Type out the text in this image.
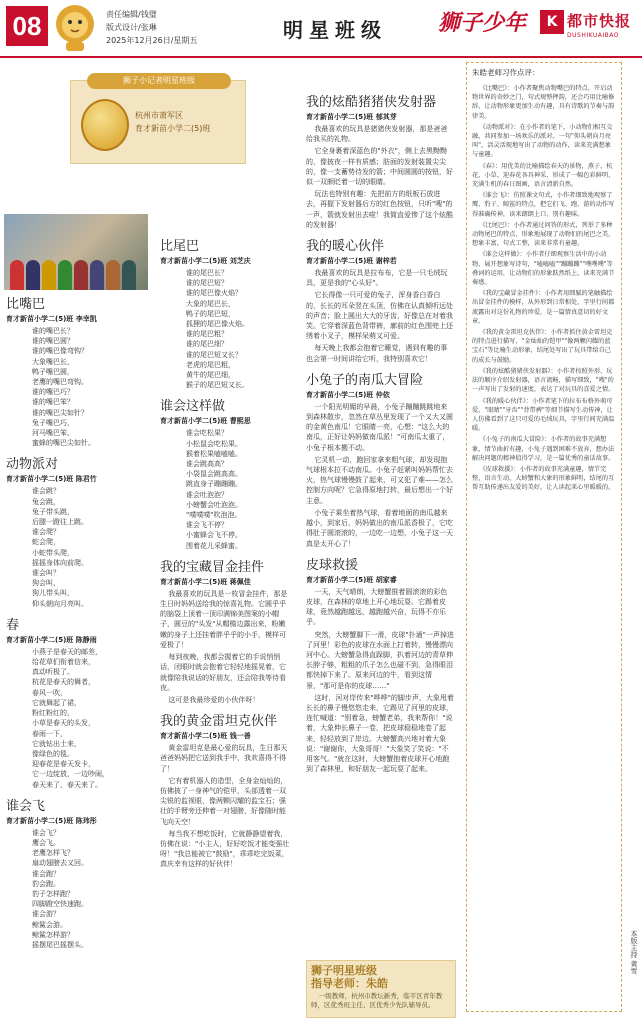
08	责任编辑/钱璧
版式设计/张琳
2025年12月26日/星期五	明星班级 狮子少年	K 都市快报
DUSHIKUAIBAO
狮子小记者明星班级
杭州市萧军区
育才新苗小学二(5)班
比嘴巴
育才新苗小学二(5)班 李幸凯
谁的嘴巴长？
谁的嘴巴圆？
谁的嘴巴像弯钩？
大象嘴巴长，
鸭子嘴巴圆，
老鹰的嘴巴弯钩。
谁的嘴巴巧？
谁的嘴巴笨？
谁的嘴巴尖如针？
兔子嘴巴巧，
河马嘴巴笨，
蜜蜂的嘴巴尖如针。
动物派对
育才新苗小学二(5)班 陈君竹
谁会跳？
兔会跳，
兔子带头跳，
后腿一蹬往上跳。
谁会爬？
蛇会爬，
小蛇带头爬，
摇摇身体向前爬。
谁会叫？
狗会叫，
狗儿带头叫，
仰头朝向月亮叫。
春
育才新苗小学二(5)班 陈静雨
小燕子是春天的邮差，
给花草们衔着信来，
真动听极了。
杭花是春天的舞者，
春风一吹，
它就舞起了裙，
粉红粉红的，
小草是春天的头发，
春雨一下，
它就钻出土来，
像绿色的毯。
迎春花是春天发卡，
它一边绽放，一边吵闹，
春天来了，春天来了。
谁会飞
育才新苗小学二(5)班 陈玮彤
谁会飞？
鹰会飞。
老鹰怎样飞？
扇动翅膀去又回。
谁会跑？
豹会跑。
豹子怎样跑？
四脚蹬空快速跑。
谁会游？
鲸鲨会游。
鲸鲨怎样游？
摇摆尾巴摇摆头。
比尾巴
育才新苗小学二(5)班 刘芝庆
谁的尾巴长？
谁的尾巴短？
谁的尾巴像火焰？
大象的尾巴长，
鸭子的尾巴短，
狐狸的尾巴像火焰。
谁的尾巴粗？
谁的尾巴细？
谁的尾巴短又长？
老虎的尾巴粗，
黄牛的尾巴细，
猴子的尾巴短又长。
谁会这样做
育才新苗小学二(5)班 曹熙思
谁会吃松果？
小松鼠会吃松果。
猴着松果嗑嗑嗑。
谁会跳高高？
小袋鼠会跳高高。
跳直身子蹦蹦蹦。
谁会吐泡泡？
小螃蟹会吐泡泡。
"噗噗噗"吹泡泡。
谁会飞不停？
小蜜蜂会飞不停。
围着花儿采蜂蜜。
我的宝藏冒金挂件
育才新苗小学二(5)班 蒋佩佳

我最喜欢的玩具是一枚冒金挂件，那是生日时妈妈送给我的惊喜礼物。它圆乎乎的脑袋上顶着一顶印满锦美图案的小帽子，圆豆的"头发"从帽檐边露出来，粉嫩嫩的身子上还挂着胖乎乎的小手，模样可爱极了！

每到夜晚，我都会握着它的手说悄悄话，闭眼时就会抱着它轻轻地摇晃着，它就像陪我说话的好朋友，还会陪我等待看夜。

这可是我最珍爱的小伙伴呀！

我的黄金雷坦克伙伴
育才新苗小学二(5)班 钱一善

黄金雷坦克是最心爱的玩具，生日那天爸爸妈妈把它送到我手中，我欢喜得不得了！

它有着机器人的造型，全身金灿灿的，仿佛披了一身神气的铠甲，头部透着一双尖锐的监视眼，像两颗闪耀的监宝石；强壮的手臂旁还伸着一对翅膀，好像随时能飞向天空！

每当我不想吃饭时，它就静静望着我，仿佛在说："小主人，好好吃饭才能变强壮呀！"我总能被它"鼓励"，乖乖吃完饭菜，真庆幸有这样的好伙伴！

我的炫酷猪猪侠发射器
育才新苗小学二(5)班 郁其芽

我最喜欢的玩具是猪猪侠发射器，那是爸爸给我买的礼物。

它全身裹着深蓝色的"外衣"，侧上去黑黝黝的，像披夜一样有质感；肪面的发射装置尖尖的，像一支蓄势待发的箭；中间圆圆的按钮，好似一双颇眨着一切的眼睛。

玩法也特别有趣：先把前方的纸板石放进去，再握下发射器后方的红色按钮，只听"嗖"的一声，箭就发射出去啦！我简直爱惨了这个炫酷的发射器！

我的暖心伙伴
育才新苗小学二(5)班 谢梓若

我最喜欢的玩具是拉布布，它是一只毛绒玩具，更是我的"心头好"。

它长得像一只可爱的兔子，浑身香白香白的，长长的耳朵竖在头顶，仿佛在认真倾听远处的声音；脸上圆出大大的牙齿，好像总在对着我笑。它穿着深蓝色背带裤，廓前的红色围兜上还绣着小叉子，模样呆萌又可爱。

每天晚上我都会抱着它睡觉，遇到有趣的事也会第一时间讲给它听，我特别喜欢它！

小兔子的南瓜大冒险
育才新苗小学二(5)班 仲依

一个阳光明媚的早晨，小兔子蹦蹦跳跳地来到森林散步，忽然在草丛里发现了一个又大又圆的金黄色南瓜！它眼睛一亮，心想："这么大的南瓜，正好让妈妈做南瓜派！"可南瓜太重了，小兔子根本搬不动。

它灵机一动，跑回家拿来粗气球，却发现抱气球根本拉不动南瓜。小兔子赶紧叫妈妈帮忙去火，热气球慢慢鼓了起来，可又犯了难——怎么控制方向呢？它急得原地打转，最后想出一个好主意。

小兔子乘坐着热气球，看着地面的南瓜越来越小，到家后，妈妈做出的南瓜派香极了，它吃得肚子圆滚滚的，一边吃一边想，小兔子这一天真是太开心了！

皮球救援
育才新苗小学二(5)班 胡家睿

一天，天气晴朗，大螃蟹推着圆滚滚的彩色皮球，在森林的草地上开心地玩耍。它踢着皮球，竟然越跑越远，越跑越兴奋，玩得不亦乐乎。

突然，大螃蟹脚下一滑，皮球"扑通"一声掉进了河里！彩色的皮球在水面上打着转，慢慢漂向河中心。大螃蟹急得直跺脚，扒着河边的青草伸长脖子够，粗粗的爪子怎么也碰不到，急得眼泪都快掉下来了。原来河边的牛，看到这情景，"那可是你的皮球……"

这时，河对岸传来"哗哗"的脚步声，大象甩着长长的鼻子慢悠悠走来，它踢见了河里的皮球，连忙喊道："别着急，螃蟹老弟，我来帮你！"说着，大象伸长鼻子一卷，把皮球稳稳地卷了起来，轻轻放到了岸边。大螃蟹高兴地对着大象说："谢谢你，大象哥哥！"大象笑了笑说："不用客气。"就在这时，大螃蟹抱着皮球开心地跑到了森林里，和好朋友一起玩耍了起来。

朱皓老师习作点评：

《比嘴巴》：小作者聚焦动物嘴巴的特点，开启动物世界的奇妙之门，句式规整押韵，还会巧用比喻修辞，让动物形象更加生动有趣，具有诗歌的节奏与韵律美。

《动物派对》：在小作者的笔下，小动物们相互交融，共同参加一场欢乐的派对。一句"仰头朝向月亮叫"，活灵活现地写出了动物的动作，读来充满想象与童趣。

《春》：用优美的比喻描绘春天的景物，燕子、杭花、小草、迎春花各具神采，形成了一幅色彩鲜明、充满生机的春日图画，语言清新自然。

《谁会飞》：仿照课文句式，小作者细致地观察了鹰、豹子、鲸鲨的特点，把它们飞、跑、游的动作写得准确传神，读来朗朗上口，别有趣味。

《比尾巴》：小作者通过问答的形式，列举了多种动物尾巴的特点，形象地展现了动物们的尾巴之美，想象丰富，句式工整，读来非常有童趣。

《谁会这样做》：小作者仔细观察生活中的小动物，展开想象写诗句，"嗑嗑嗑""蹦蹦蹦""噗噗噗"等叠词的运用，让动物们的形象跃然纸上，读来充满节奏感。

《我的宝藏冒金挂件》：小作者用细腻的笔触描绘出冒金挂件的模样，从外形到日常相处，字里行间都流露出对这份礼物的珍爱，是一篇情真意切的好文章。

《我的黄金雷坦克伙伴》：小作者抓住黄金雷坦克的特点进行描写，"金灿灿的铠甲""像两颗闪耀的蓝宝石"等比喻生动形象，结尾处写出了玩具带给自己的成长与鼓励。

《我的炫酷猪猪侠发射器》：小作者按照外形、玩法的顺序介绍发射器，语言流畅，描写细致，"嗖"的一声写出了发射的速度，表达了对玩具的喜爱之情。

《我的暖心伙伴》：小作者笔下的拉布布格外萌可爱，"眼睛""牙齿""背带裤"等细节描写生动传神，让人仿佛看到了这只可爱的毛绒玩具，字里行间充满温暖。

《小兔子的南瓜大冒险》：小作者的故事充满想象，情节曲折有趣，小兔子遇到困难不放弃，想办法解决问题的精神值得学习，是一篇优秀的童话故事。

《皮球救援》：小作者的故事充满童趣，情节完整，语言生动，大螃蟹和大象的形象鲜明，结尾的互帮互助传递出友爱的美好，让人读起来心里暖暖的。

本版主持 黄雪
狮子明星班级
指导老师：朱皓
一级教师，杭州市教坛新秀，临平区青年教师，区优秀班主任、区优秀少先队辅导员。
